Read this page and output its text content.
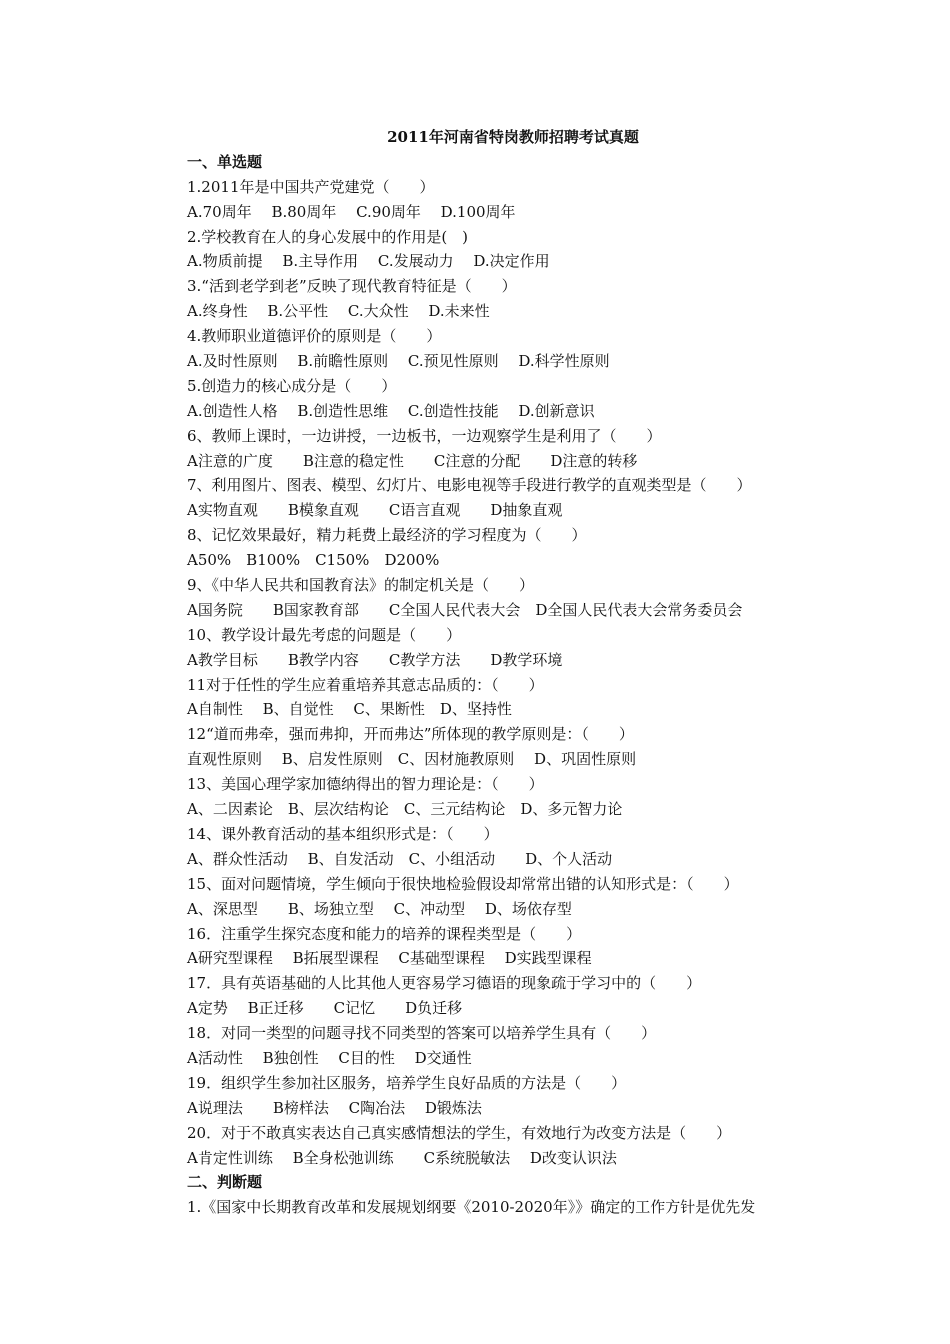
2011年河南省特岗教师招聘考试真题
一、单选题
1.2011年是中国共产党建党（　　）
A.70周年　 B.80周年　 C.90周年　 D.100周年
2.学校教育在人的身心发展中的作用是(　)
A.物质前提　 B.主导作用　 C.发展动力　 D.决定作用
3.“活到老学到老”反映了现代教育特征是（　　）
A.终身性　 B.公平性　 C.大众性　 D.未来性
4.教师职业道德评价的原则是（　　）
A.及时性原则　 B.前瞻性原则　 C.预见性原则　 D.科学性原则
5.创造力的核心成分是（　　）
A.创造性人格　 B.创造性思维　 C.创造性技能　 D.创新意识
6、教师上课时，一边讲授，一边板书，一边观察学生是利用了（　　）
A注意的广度　　B注意的稳定性　　C注意的分配　　D注意的转移
7、利用图片、图表、模型、幻灯片、电影电视等手段进行教学的直观类型是（　　）
A实物直观　　B模象直观　　C语言直观　　D抽象直观
8、记忆效果最好，精力耗费上最经济的学习程度为（　　）
A50%　B100%　C150%　D200%
9、《中华人民共和国教育法》的制定机关是（　　）
A国务院　　B国家教育部　　C全国人民代表大会　D全国人民代表大会常务委员会
10、教学设计最先考虑的问题是（　　）
A教学目标　　B教学内容　　C教学方法　　D教学环境
11对于任性的学生应着重培养其意志品质的：（　　）
A自制性　 B、自觉性　 C、果断性　D、坚持性
12“道而弗牵，强而弗抑，开而弗达”所体现的教学原则是：（　　）
直观性原则　 B、启发性原则　C、因材施教原则　 D、巩固性原则
13、美国心理学家加德纳得出的智力理论是：（　　）
A、二因素论　B、层次结构论　C、三元结构论　D、多元智力论
14、课外教育活动的基本组织形式是：（　　）
A、群众性活动　 B、自发活动　C、小组活动　　D、个人活动
15、面对问题情境，学生倾向于很快地检验假设却常常出错的认知形式是：（　　）
A、深思型　　B、场独立型　 C、冲动型　 D、场依存型
16．注重学生探究态度和能力的培养的课程类型是（　　）
A研究型课程　 B拓展型课程　 C基础型课程　 D实践型课程
17．具有英语基础的人比其他人更容易学习德语的现象疏于学习中的（　　）
A定势　 B正迁移　　C记忆　　D负迁移
18．对同一类型的问题寻找不同类型的答案可以培养学生具有（　　）
A活动性　 B独创性　 C目的性　 D交通性
19．组织学生参加社区服务，培养学生良好品质的方法是（　　）
A说理法　　B榜样法　 C陶冶法　 D锻炼法
20．对于不敢真实表达自己真实感情想法的学生，有效地行为改变方法是（　　）
A肯定性训练　 B全身松弛训练　　C系统脱敏法　 D改变认识法
二、判断题
1.《国家中长期教育改革和发展规划纲要《2010-2020年》》确定的工作方针是优先发
